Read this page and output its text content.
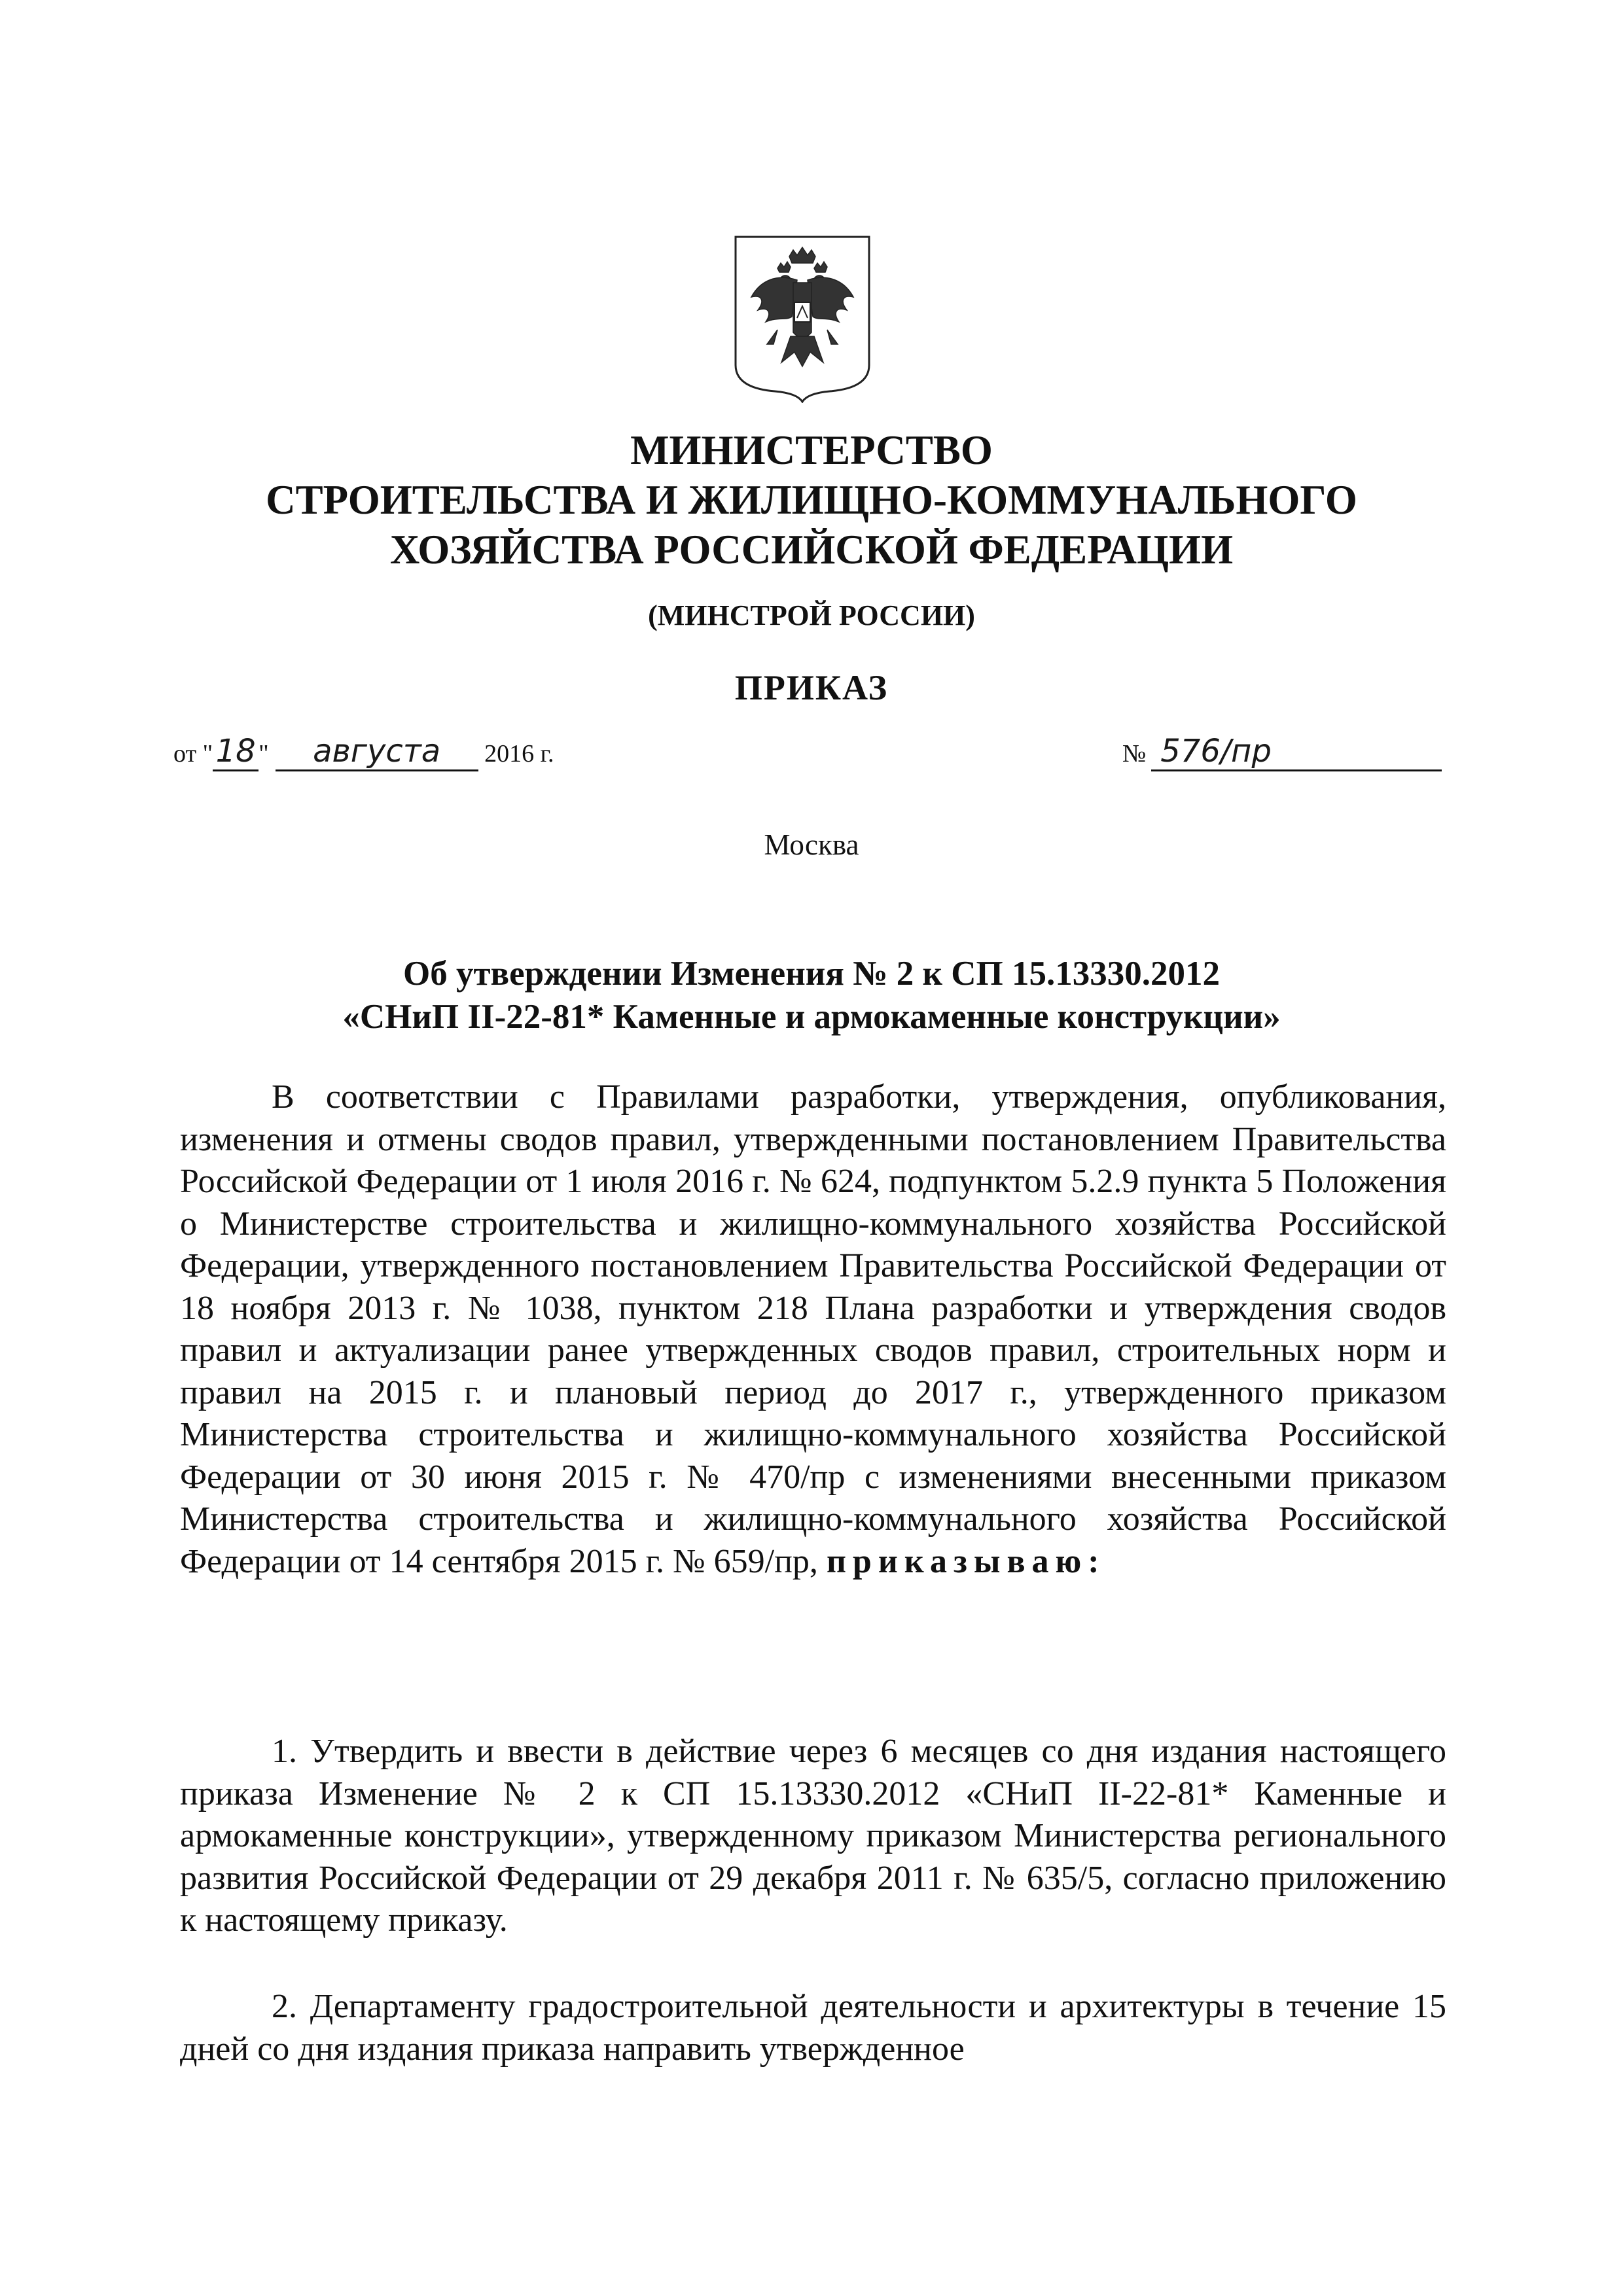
МИНИСТЕРСТВО
СТРОИТЕЛЬСТВА И ЖИЛИЩНО-КОММУНАЛЬНОГО
ХОЗЯЙСТВА РОССИЙСКОЙ ФЕДЕРАЦИИ
(МИНСТРОЙ РОССИИ)
ПРИКАЗ
от "18 " августа 2016 г.	№ 576/пр
Москва
Об утверждении Изменения № 2 к СП 15.13330.2012
«СНиП II-22-81* Каменные и армокаменные конструкции»

В соответствии с Правилами разработки, утверждения, опубликования, изменения и отмены сводов правил, утвержденными постановлением Правительства Российской Федерации от 1 июля 2016 г. № 624, подпунктом 5.2.9 пункта 5 Положения о Министерстве строительства и жилищно-коммунального хозяйства Российской Федерации, утвержденного постановлением Правительства Российской Федерации от 18 ноября 2013 г. № 1038, пунктом 218 Плана разработки и утверждения сводов правил и актуализации ранее утвержденных сводов правил, строительных норм и правил на 2015 г. и плановый период до 2017 г., утвержденного приказом Министерства строительства и жилищно-коммунального хозяйства Российской Федерации от 30 июня 2015 г. № 470/пр с изменениями внесенными приказом Министерства строительства и жилищно-коммунального хозяйства Российской Федерации от 14 сентября 2015 г. № 659/пр, приказываю:

1. Утвердить и ввести в действие через 6 месяцев со дня издания настоящего приказа Изменение № 2 к СП 15.13330.2012 «СНиП II-22-81* Каменные и армокаменные конструкции», утвержденному приказом Министерства регионального развития Российской Федерации от 29 декабря 2011 г. № 635/5, согласно приложению к настоящему приказу.

2. Департаменту градостроительной деятельности и архитектуры в течение 15 дней со дня издания приказа направить утвержденное
